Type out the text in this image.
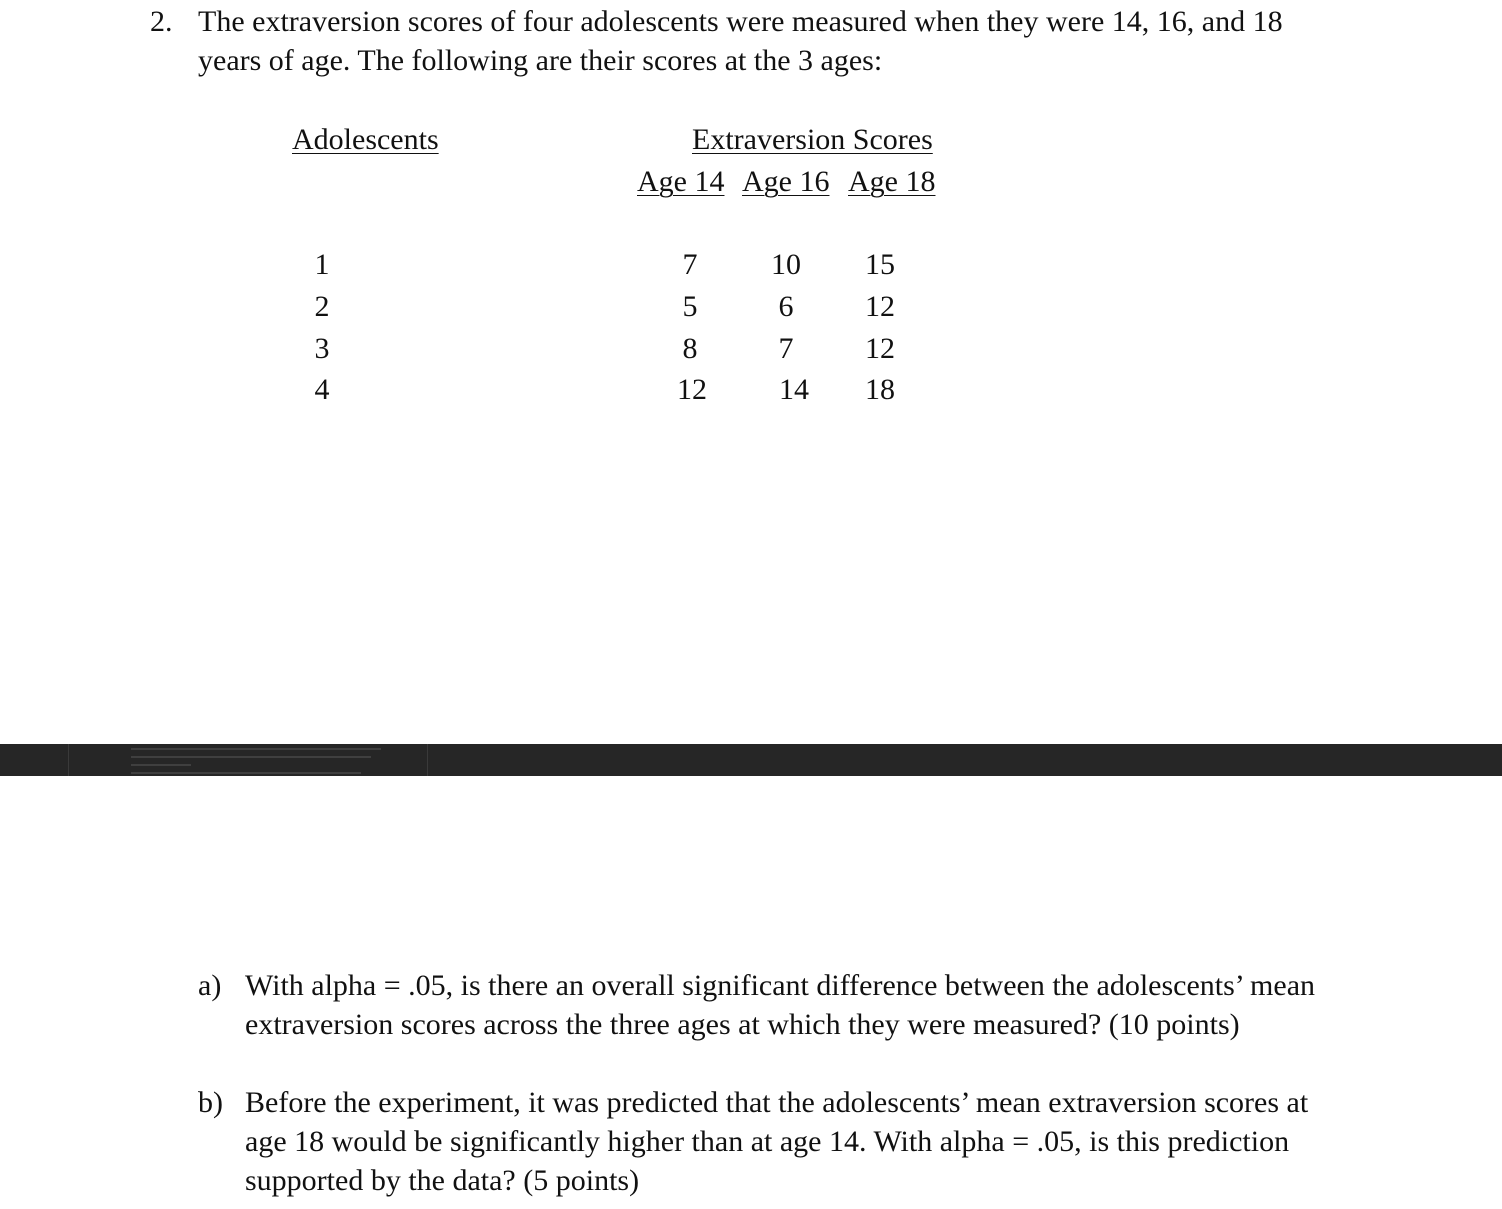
2. The extraversion scores of four adolescents were measured when they were 14, 16, and 18 years of age. The following are their scores at the 3 ages:
Adolescents	Extraversion Scores
Age 14 Age 16 Age 18
1	7	10	15
2	5	6	12
3	8	7	12
4	12	14	18
a) With alpha = .05, is there an overall significant difference between the adolescents’ mean extraversion scores across the three ages at which they were measured? (10 points)
b) Before the experiment, it was predicted that the adolescents’ mean extraversion scores at age 18 would be significantly higher than at age 14. With alpha = .05, is this prediction supported by the data? (5 points)
